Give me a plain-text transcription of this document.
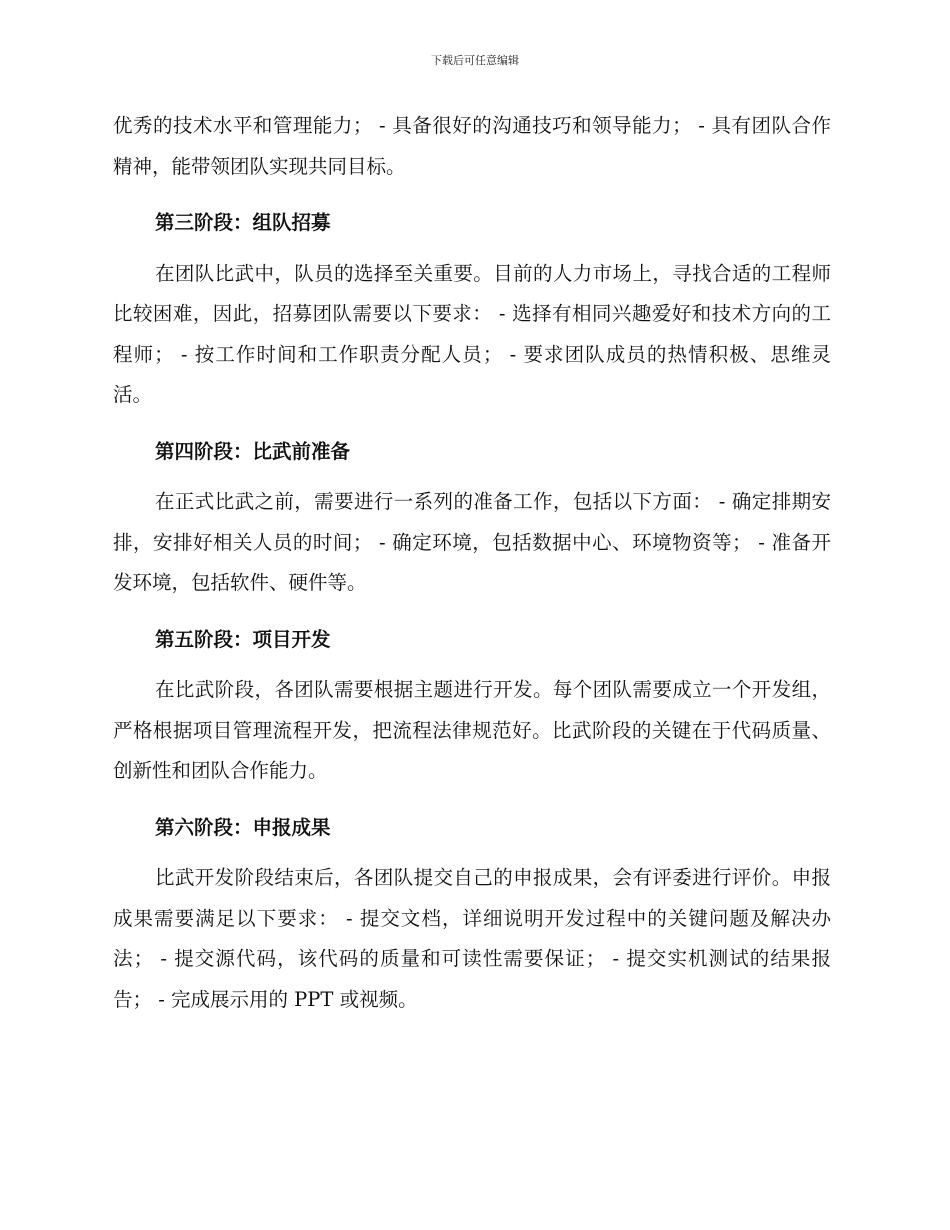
下载后可任意编辑

优秀的技术水平和管理能力； - 具备很好的沟通技巧和领导能力； - 具有团队合作精神，能带领团队实现共同目标。

第三阶段：组队招募

在团队比武中，队员的选择至关重要。目前的人力市场上，寻找合适的工程师比较困难，因此，招募团队需要以下要求： - 选择有相同兴趣爱好和技术方向的工程师； - 按工作时间和工作职责分配人员； - 要求团队成员的热情积极、思维灵活。

第四阶段：比武前准备

在正式比武之前，需要进行一系列的准备工作，包括以下方面： - 确定排期安排，安排好相关人员的时间； - 确定环境，包括数据中心、环境物资等； - 准备开发环境，包括软件、硬件等。

第五阶段：项目开发

在比武阶段，各团队需要根据主题进行开发。每个团队需要成立一个开发组，严格根据项目管理流程开发，把流程法律规范好。比武阶段的关键在于代码质量、创新性和团队合作能力。

第六阶段：申报成果

比武开发阶段结束后，各团队提交自己的申报成果，会有评委进行评价。申报成果需要满足以下要求： - 提交文档，详细说明开发过程中的关键问题及解决办法； - 提交源代码，该代码的质量和可读性需要保证； - 提交实机测试的结果报告； - 完成展示用的 PPT 或视频。
